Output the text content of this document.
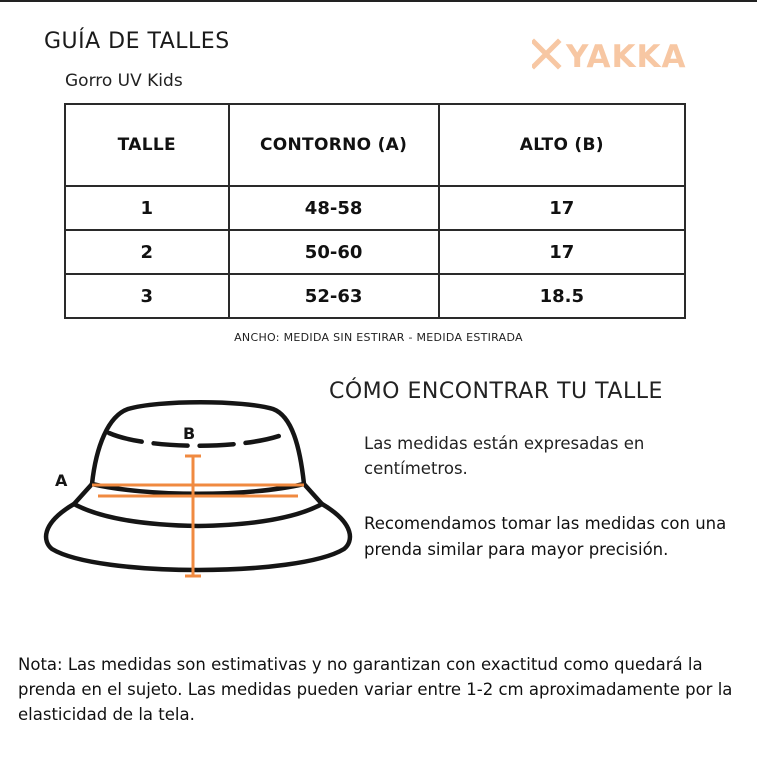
GUÍA DE TALLES
Gorro UV Kids
YAKKA
TALLE	CONTORNO (A)	ALTO (B)
1	48-58	17
2	50-60	17
3	52-63	18.5
ANCHO: MEDIDA SIN ESTIRAR - MEDIDA ESTIRADA
A
B
CÓMO ENCONTRAR TU TALLE
Las medidas están expresadas en centímetros.
Recomendamos tomar las medidas con una prenda similar para mayor precisión.
Nota: Las medidas son estimativas y no garantizan con exactitud como quedará la prenda en el sujeto. Las medidas pueden variar entre 1-2 cm aproximadamente por la elasticidad de la tela.
